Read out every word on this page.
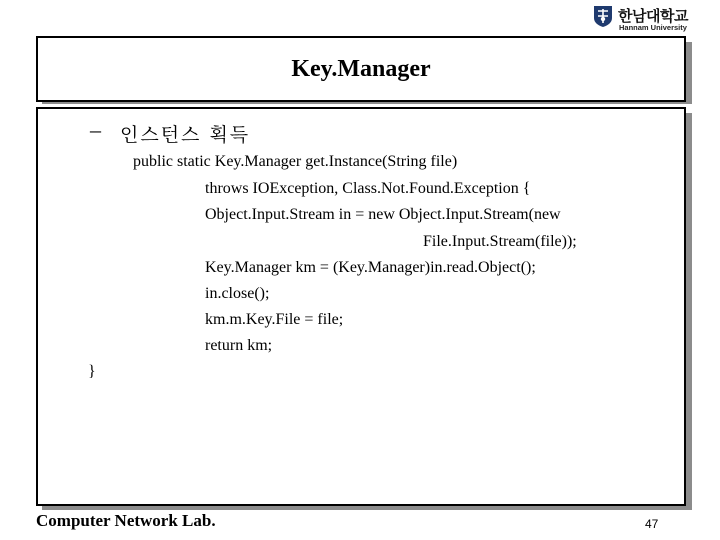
한남대학교
Hannam University
Key.Manager
– 인스턴스 획득
public static Key.Manager get.Instance(String file)
throws IOException, Class.Not.Found.Exception {
Object.Input.Stream in = new Object.Input.Stream(new
File.Input.Stream(file));
Key.Manager km = (Key.Manager)in.read.Object();
in.close();
km.m.Key.File = file;
return km;
}
Computer Network Lab.	47
